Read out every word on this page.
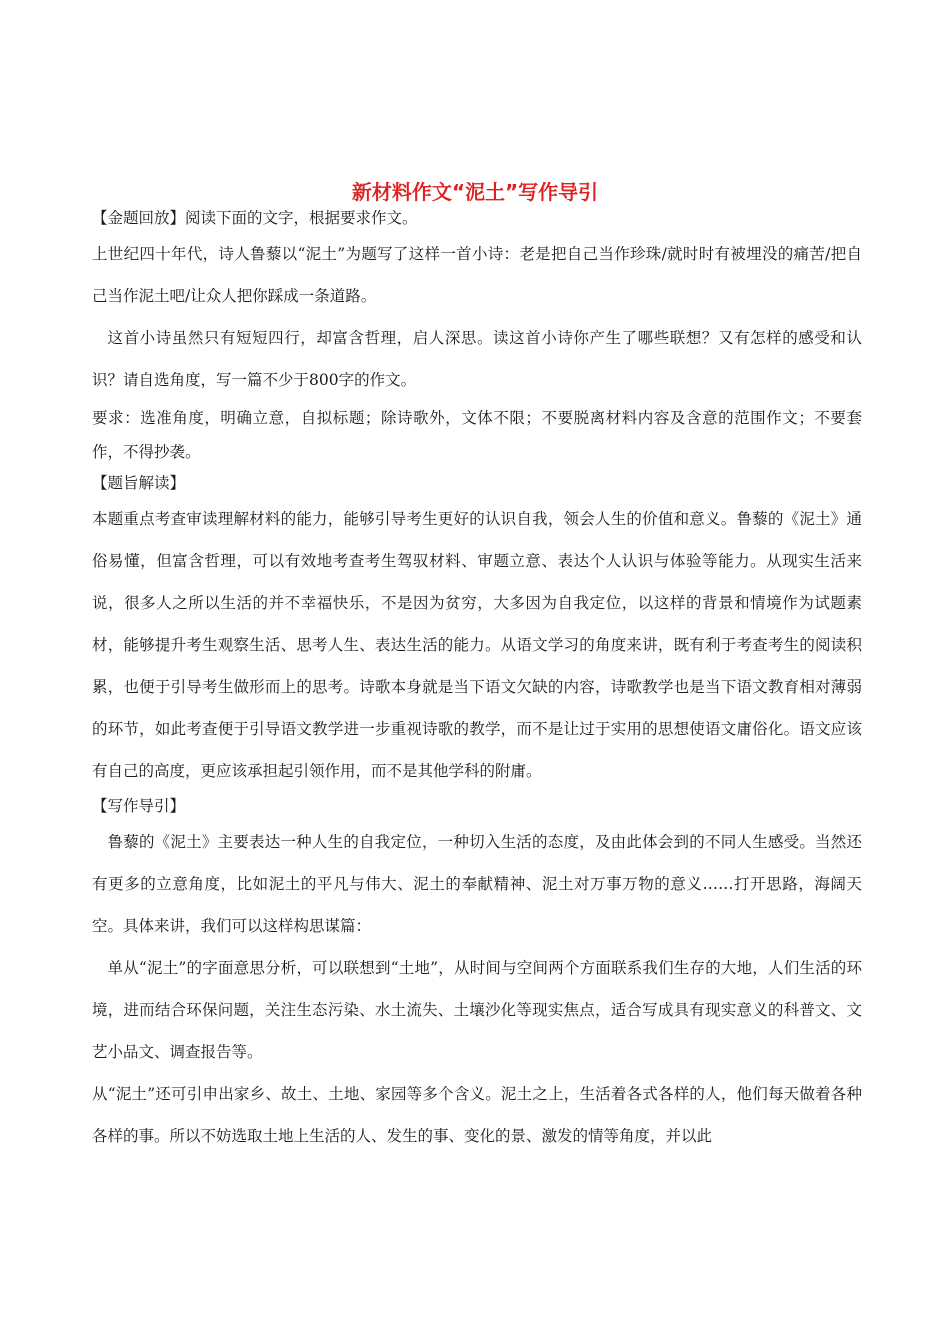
新材料作文“泥土”写作导引

【金题回放】阅读下面的文字，根据要求作文。

上世纪四十年代，诗人鲁藜以“泥土”为题写了这样一首小诗：老是把自己当作珍珠/就时时有被埋没的痛苦/把自己当作泥土吧/让众人把你踩成一条道路。

这首小诗虽然只有短短四行，却富含哲理，启人深思。读这首小诗你产生了哪些联想？又有怎样的感受和认识？请自选角度，写一篇不少于800字的作文。

要求：选准角度，明确立意，自拟标题；除诗歌外，文体不限；不要脱离材料内容及含意的范围作文；不要套作，不得抄袭。

【题旨解读】

本题重点考查审读理解材料的能力，能够引导考生更好的认识自我，领会人生的价值和意义。鲁藜的《泥土》通俗易懂，但富含哲理，可以有效地考查考生驾驭材料、审题立意、表达个人认识与体验等能力。从现实生活来说，很多人之所以生活的并不幸福快乐，不是因为贫穷，大多因为自我定位，以这样的背景和情境作为试题素材，能够提升考生观察生活、思考人生、表达生活的能力。从语文学习的角度来讲，既有利于考查考生的阅读积累，也便于引导考生做形而上的思考。诗歌本身就是当下语文欠缺的内容，诗歌教学也是当下语文教育相对薄弱的环节，如此考查便于引导语文教学进一步重视诗歌的教学，而不是让过于实用的思想使语文庸俗化。语文应该有自己的高度，更应该承担起引领作用，而不是其他学科的附庸。

【写作导引】

鲁藜的《泥土》主要表达一种人生的自我定位，一种切入生活的态度，及由此体会到的不同人生感受。当然还有更多的立意角度，比如泥土的平凡与伟大、泥土的奉献精神、泥土对万事万物的意义……打开思路，海阔天空。具体来讲，我们可以这样构思谋篇：

单从“泥土”的字面意思分析，可以联想到“土地”，从时间与空间两个方面联系我们生存的大地，人们生活的环境，进而结合环保问题，关注生态污染、水土流失、土壤沙化等现实焦点，适合写成具有现实意义的科普文、文艺小品文、调查报告等。

从“泥土”还可引申出家乡、故土、土地、家园等多个含义。泥土之上，生活着各式各样的人，他们每天做着各种各样的事。所以不妨选取土地上生活的人、发生的事、变化的景、激发的情等角度，并以此
